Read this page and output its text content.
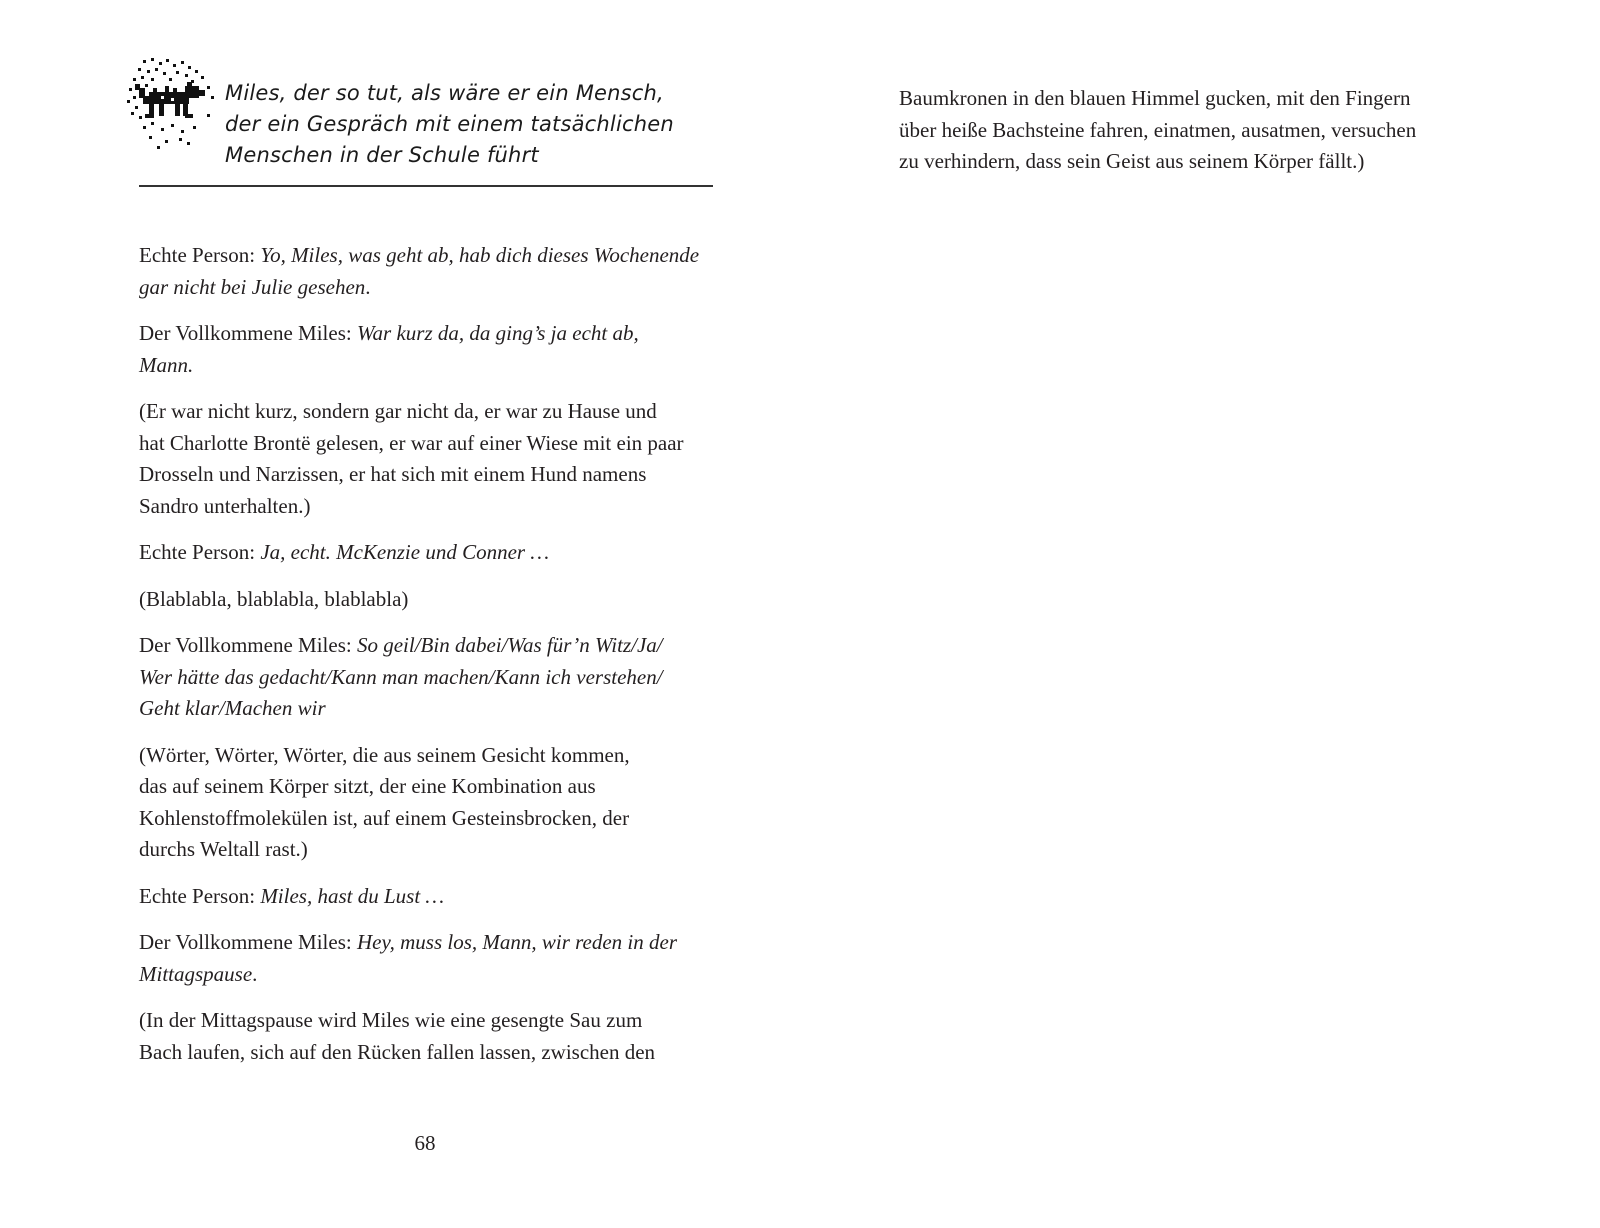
Miles, der so tut, als wäre er ein Mensch,
der ein Gespräch mit einem tatsächlichen
Menschen in der Schule führt

Echte Person: Yo, Miles, was geht ab, hab dich dieses Wochenende
gar nicht bei Julie gesehen.

Der Vollkommene Miles: War kurz da, da ging’s ja echt ab,
Mann.

(Er war nicht kurz, sondern gar nicht da, er war zu Hause und
hat Charlotte Brontë gelesen, er war auf einer Wiese mit ein paar
Drosseln und Narzissen, er hat sich mit einem Hund namens
Sandro unterhalten.)

Echte Person: Ja, echt. McKenzie und Conner …

(Blablabla, blablabla, blablabla)

Der Vollkommene Miles: So geil/Bin dabei/Was für’n Witz/Ja/
Wer hätte das gedacht/Kann man machen/Kann ich verstehen/
Geht klar/Machen wir

(Wörter, Wörter, Wörter, die aus seinem Gesicht kommen,
das auf seinem Körper sitzt, der eine Kombination aus
Kohlenstoffmolekülen ist, auf einem Gesteinsbrocken, der
durchs Weltall rast.)

Echte Person: Miles, hast du Lust …

Der Vollkommene Miles: Hey, muss los, Mann, wir reden in der
Mittagspause.

(In der Mittagspause wird Miles wie eine gesengte Sau zum
Bach laufen, sich auf den Rücken fallen lassen, zwischen den

68
Baumkronen in den blauen Himmel gucken, mit den Fingern
über heiße Bachsteine fahren, einatmen, ausatmen, versuchen
zu verhindern, dass sein Geist aus seinem Körper fällt.)
